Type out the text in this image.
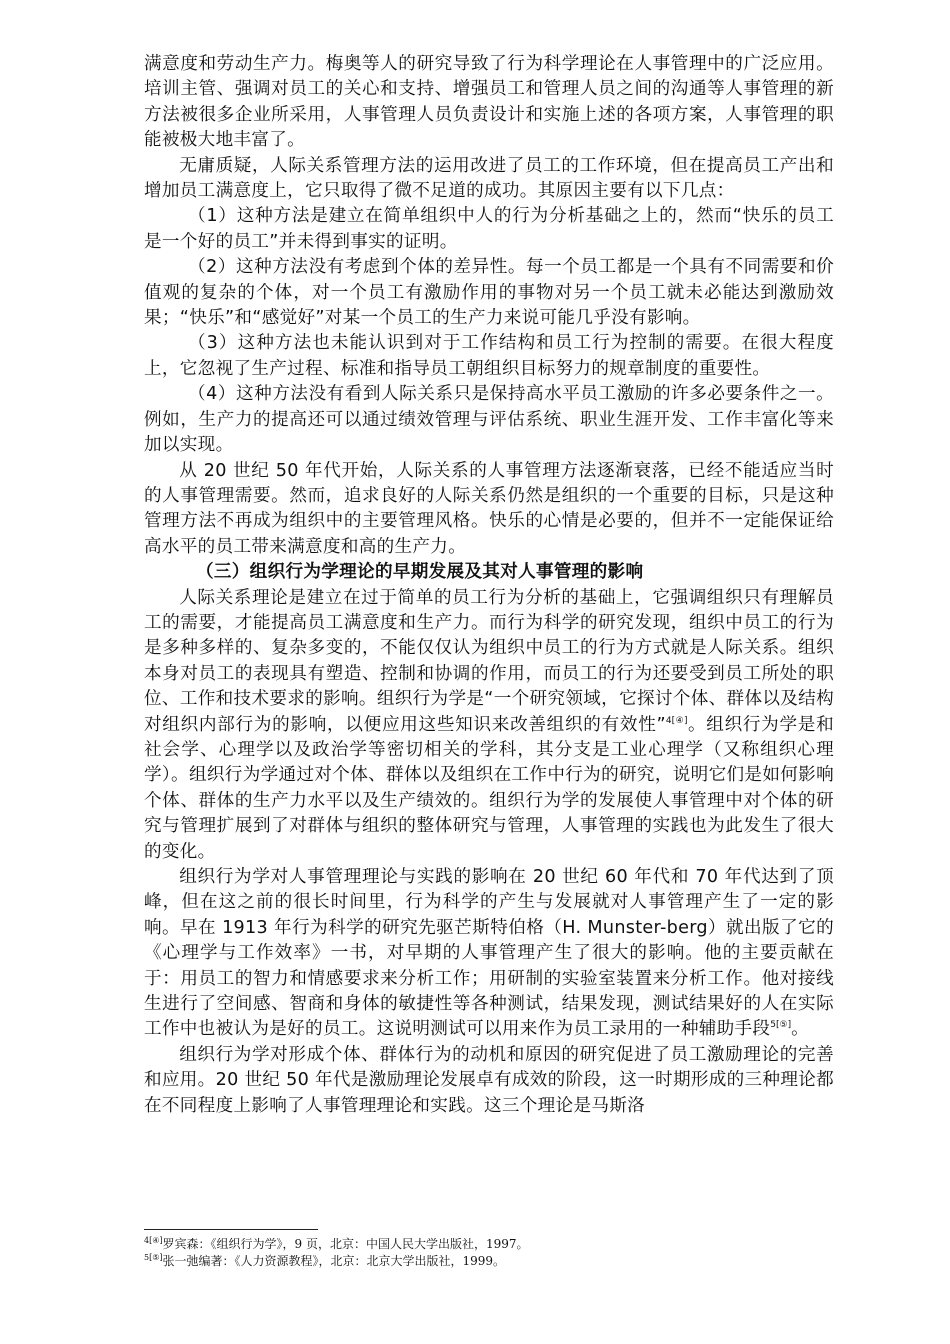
满意度和劳动生产力。梅奥等人的研究导致了行为科学理论在人事管理中的广泛应用。培训主管、强调对员工的关心和支持、增强员工和管理人员之间的沟通等人事管理的新方法被很多企业所采用，人事管理人员负责设计和实施上述的各项方案，人事管理的职能被极大地丰富了。

无庸质疑，人际关系管理方法的运用改进了员工的工作环境，但在提高员工产出和增加员工满意度上，它只取得了微不足道的成功。其原因主要有以下几点：

（1）这种方法是建立在简单组织中人的行为分析基础之上的，然而“快乐的员工是一个好的员工”并未得到事实的证明。

（2）这种方法没有考虑到个体的差异性。每一个员工都是一个具有不同需要和价值观的复杂的个体，对一个员工有激励作用的事物对另一个员工就未必能达到激励效果；“快乐”和“感觉好”对某一个员工的生产力来说可能几乎没有影响。

（3）这种方法也未能认识到对于工作结构和员工行为控制的需要。在很大程度上，它忽视了生产过程、标准和指导员工朝组织目标努力的规章制度的重要性。

（4）这种方法没有看到人际关系只是保持高水平员工激励的许多必要条件之一。例如，生产力的提高还可以通过绩效管理与评估系统、职业生涯开发、工作丰富化等来加以实现。

从 20 世纪 50 年代开始，人际关系的人事管理方法逐渐衰落，已经不能适应当时的人事管理需要。然而，追求良好的人际关系仍然是组织的一个重要的目标，只是这种管理方法不再成为组织中的主要管理风格。快乐的心情是必要的，但并不一定能保证给高水平的员工带来满意度和高的生产力。

（三）组织行为学理论的早期发展及其对人事管理的影响

人际关系理论是建立在过于简单的员工行为分析的基础上，它强调组织只有理解员工的需要，才能提高员工满意度和生产力。而行为科学的研究发现，组织中员工的行为是多种多样的、复杂多变的，不能仅仅认为组织中员工的行为方式就是人际关系。组织本身对员工的表现具有塑造、控制和协调的作用，而员工的行为还要受到员工所处的职位、工作和技术要求的影响。组织行为学是“一个研究领域，它探讨个体、群体以及结构对组织内部行为的影响，以便应用这些知识来改善组织的有效性”$^{4[④]}$。组织行为学是和社会学、心理学以及政治学等密切相关的学科，其分支是工业心理学（又称组织心理学）。组织行为学通过对个体、群体以及组织在工作中行为的研究，说明它们是如何影响个体、群体的生产力水平以及生产绩效的。组织行为学的发展使人事管理中对个体的研究与管理扩展到了对群体与组织的整体研究与管理，人事管理的实践也为此发生了很大的变化。

组织行为学对人事管理理论与实践的影响在 20 世纪 60 年代和 70 年代达到了顶峰，但在这之前的很长时间里，行为科学的产生与发展就对人事管理产生了一定的影响。早在 1913 年行为科学的研究先驱芒斯特伯格（H. Munster-berg）就出版了它的《心理学与工作效率》一书，对早期的人事管理产生了很大的影响。他的主要贡献在于：用员工的智力和情感要求来分析工作；用研制的实验室装置来分析工作。他对接线生进行了空间感、智商和身体的敏捷性等各种测试，结果发现，测试结果好的人在实际工作中也被认为是好的员工。这说明测试可以用来作为员工录用的一种辅助手段$^{5[⑤]}$。

组织行为学对形成个体、群体行为的动机和原因的研究促进了员工激励理论的完善和应用。20 世纪 50 年代是激励理论发展卓有成效的阶段，这一时期形成的三种理论都在不同程度上影响了人事管理理论和实践。这三个理论是马斯洛

$^{4[④]}$罗宾森：《组织行为学》，9 页，北京：中国人民大学出版社，1997。
$^{5[⑤]}$张一弛编著：《人力资源教程》，北京：北京大学出版社，1999。
